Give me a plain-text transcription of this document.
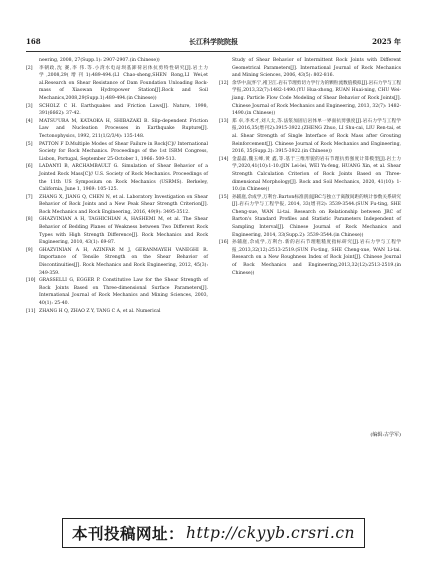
168	长江科学院院报	2025 年
neering, 2008, 27(Supp.1): 2907-2907.(in Chinese))
[2] 李朝政,沈 赛,李 伟.等.小湾水电站坝基卸荷岩体抗剪特性研究[J].岩土力学,2008,29(增刊1):489-494.(LI Chao-sheng,SHEN Rong,LI Wei,et al.Research on Shear Resistance of Dam Foundation Unloading Rock-mass of Xiaowan Hydropower Station[J].Rock and Soil Mechanics,2008,29(Supp.1):489-494.(in Chinese))
[3] SCHOLZ C H. Earthquakes and Friction Laws[J]. Nature, 1998, 391(6662): 37-42.
[4] MATSU'URA M, KATAOKA H, SHIBAZAKI B. Slip-dependent Friction Law and Nucleation Processes in Earthquake Rupture[J]. Tectonophysics, 1992, 211(1/2/3/4): 135-148.
[5] PATTON F D.Multiple Modes of Shear Failure in Rock[C]// International Society for Rock Mechanics. Proceedings of the 1st ISRM Congress, Lisbon, Portugal, September 25-October 1, 1966: 509-513.
[6] LADANYI B, ARCHAMBAULT G. Simulation of Shear Behavior of a Jointed Rock Mass[C]// U.S. Society of Rock Mechanics. Proceedings of the 11th US Symposium on Rock Mechanics (USRMS). Berkeley, California, June 1, 1969: 105-125.
[7] ZHANG X, JIANG Q, CHEN N, et al. Laboratory Investigation on Shear Behavior of Rock Joints and a New Peak Shear Strength Criterion[J]. Rock Mechanics and Rock Engineering, 2016, 49(9): 3495-3512.
[8] GHAZVINIAN A H, TAGHICHIAN A, HASHEMI M, et al. The Shear Behavior of Bedding Planes of Weakness between Two Different Rock Types with High Strength Difference[J]. Rock Mechanics and Rock Engineering, 2010, 43(1): 69-87.
[9] GHAZVINIAN A H, AZINFAR M J, GERANMAYEH VANEGHI R. Importance of Tensile Strength on the Shear Behavior of Discontinuities[J]. Rock Mechanics and Rock Engineering, 2012, 45(3): 349-359.
[10] GRASSELLI G, EGGER P. Constitutive Law for the Shear Strength of Rock Joints Based on Three-dimensional Surface Parameters[J]. International Journal of Rock Mechanics and Mining Sciences, 2003, 40(1): 25-40.
[11] ZHANG H Q, ZHAO Z Y, TANG C A, et al. Numerical
Study of Shear Behavior of Intermittent Rock Joints with Different Geometrical Parameters[J]. International Journal of Rock Mechanics and Mining Sciences, 2006, 43(5): 802-816.
[12] 余华中,阮怀宁,褚卫江.岩石节理剪切力学行为的颗粒流数值模拟[J].岩石力学与工程学报,2013,32(7):1482-1490.(YU Hua-zhong, RUAN Huai-ning, CHU Wei-jiang. Particle Flow Code Modeling of Shear Behavior of Rock Joints[J]. Chinese Journal of Rock Mechanics and Engineering, 2013, 32(7): 1482-1490.(in Chinese))
[13] 郑 卓,李术才,刘人太,等.法浆加固后岩体单一界面抗剪强度[J].岩石力学与工程学报,2016,35(增刊2):3915-3922.(ZHENG Zhuo, LI Shu-cai, LIU Ren-tai, et al. Shear Strength of Single Interface of Rock Mass after Grouting Reinforcement[J]. Chinese Journal of Rock Mechanics and Engineering, 2016, 35(Supp.2): 3915-3922.(in Chinese))
[14] 金磊磊,魏玉峰,黄 鑫,等.基于三维形貌的岩石节理抗剪强度计算模型[J].岩土力学,2020,41(10):1-10.(JIN Lei-lei, WEI Yu-feng, HUANG Xin, et al. Shear Strength Calculation Criterion of Rock Joints Based on Three-dimensional Morphology[J]. Rock and Soil Mechanics, 2020, 41(10): 1-10.(in Chinese))
[15] 孙辅庭,佘成学,万利台.Barton标准剖面JRC与独立于离散间距的统计参数关系研究[J].岩石力学与工程学报, 2014, 33(增刊2): 3539-3544.(SUN Fu-ting, SHE Cheng-xue, WAN Li-tai. Research on Relationship between JRC of Barton's Standard Profiles and Statistic Parameters Independent of Sampling Interval[J]. Chinese Journal of Rock Mechanics and Engineering, 2014, 33(Supp.2): 3539-3544.(in Chinese))
[16] 孙辅庭,佘成学,万利台.新的岩石节理粗糙度指标研究[J].岩石力学与工程学报,2013,32(12):2513-2519.(SUN Fu-ting, SHE Cheng-xue, WAN Li-tai. Research on a New Roughness Index of Rock Joint[J]. Chinese Journal of Rock Mechanics and Engineering,2013,32(12):2513-2519.(in Chinese))
(编辑:古学军)
本刊投稿网址： http://ckyyb.crsri.cn
